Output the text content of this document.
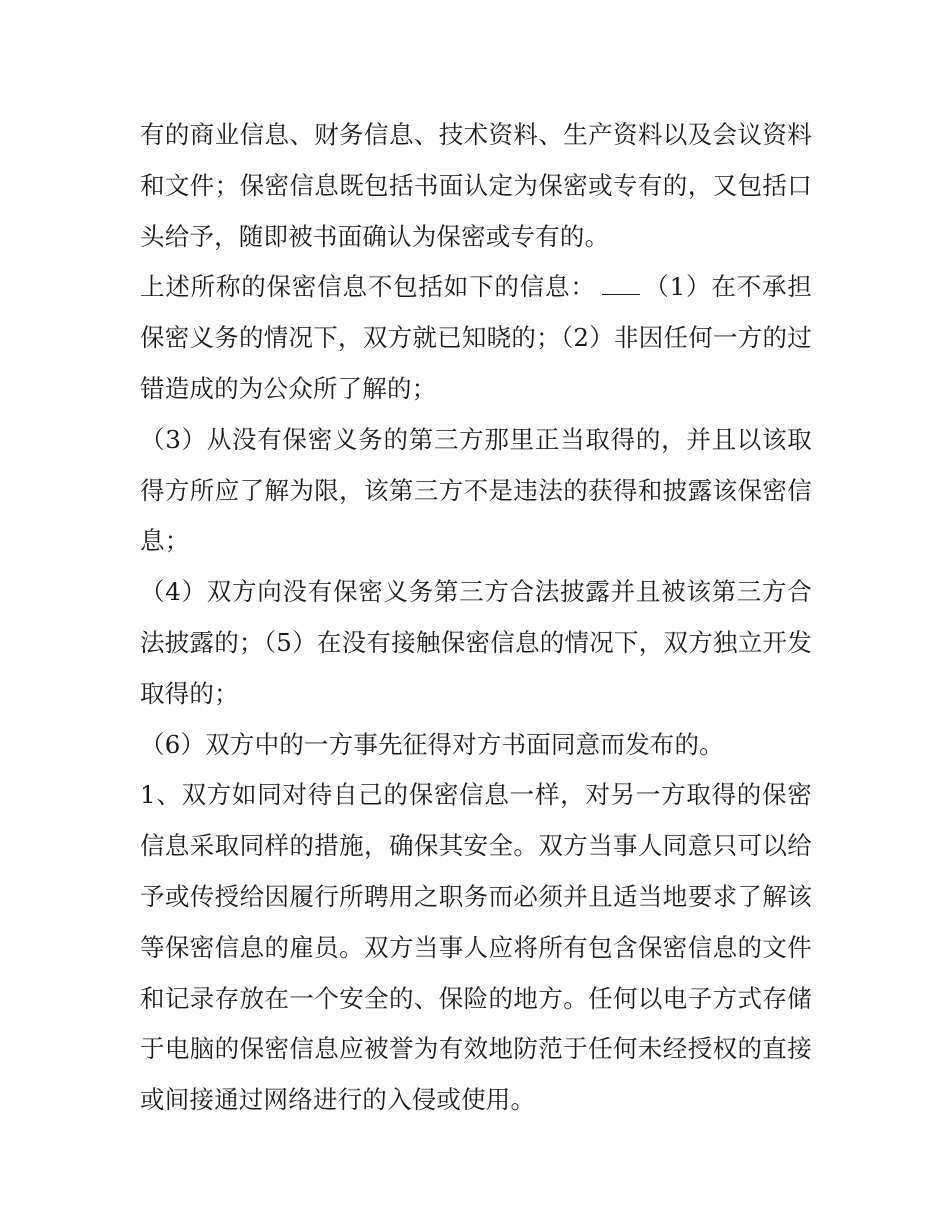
有的商业信息、财务信息、技术资料、生产资料以及会议资料和文件；保密信息既包括书面认定为保密或专有的，又包括口头给予，随即被书面确认为保密或专有的。

上述所称的保密信息不包括如下的信息： （1）在不承担保密义务的情况下，双方就已知晓的；（2）非因任何一方的过错造成的为公众所了解的；

（3）从没有保密义务的第三方那里正当取得的，并且以该取得方所应了解为限，该第三方不是违法的获得和披露该保密信息；

（4）双方向没有保密义务第三方合法披露并且被该第三方合法披露的；（5）在没有接触保密信息的情况下，双方独立开发取得的；

（6）双方中的一方事先征得对方书面同意而发布的。

1、双方如同对待自己的保密信息一样，对另一方取得的保密信息采取同样的措施，确保其安全。双方当事人同意只可以给予或传授给因履行所聘用之职务而必须并且适当地要求了解该等保密信息的雇员。双方当事人应将所有包含保密信息的文件和记录存放在一个安全的、保险的地方。任何以电子方式存储于电脑的保密信息应被誉为有效地防范于任何未经授权的直接或间接通过网络进行的入侵或使用。
